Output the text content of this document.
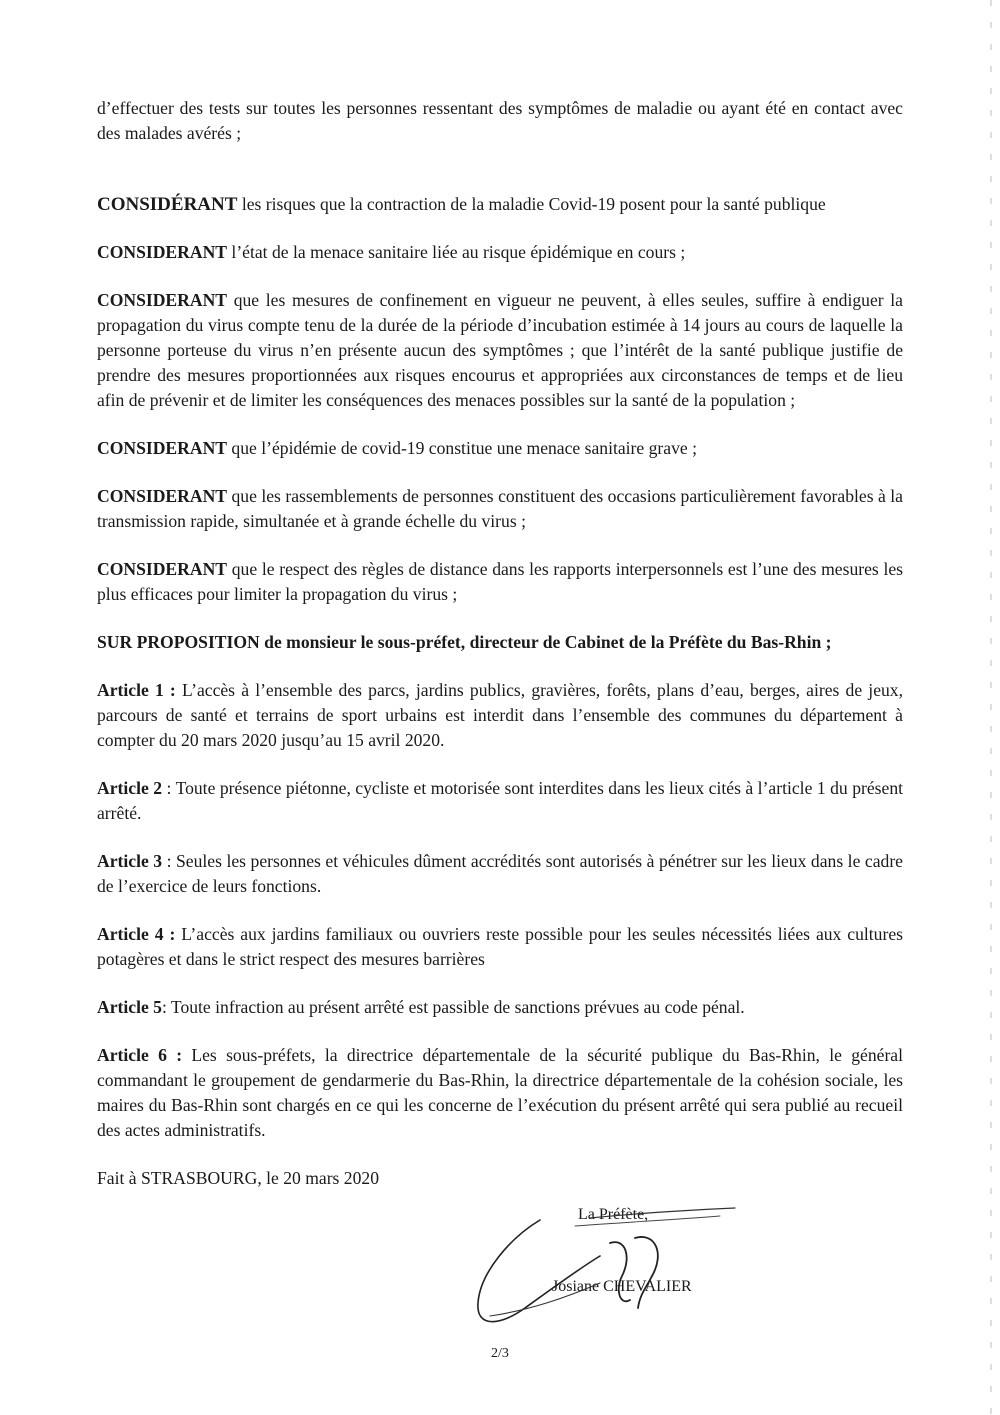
d’effectuer des tests sur toutes les personnes ressentant des symptômes de maladie ou ayant été en contact avec des malades avérés ;

CONSIDÉRANT les risques que la contraction de la maladie Covid-19 posent pour la santé publique

CONSIDERANT l’état de la menace sanitaire liée au risque épidémique en cours ;

CONSIDERANT que les mesures de confinement en vigueur ne peuvent, à elles seules, suffire à endiguer la propagation du virus compte tenu de la durée de la période d’incubation estimée à 14 jours au cours de laquelle la personne porteuse du virus n’en présente aucun des symptômes ; que l’intérêt de la santé publique justifie de prendre des mesures proportionnées aux risques encourus et appropriées aux circonstances de temps et de lieu afin de prévenir et de limiter les conséquences des menaces possibles sur la santé de la population ;

CONSIDERANT que l’épidémie de covid-19 constitue une menace sanitaire grave ;

CONSIDERANT que les rassemblements de personnes constituent des occasions particulièrement favorables à la transmission rapide, simultanée et à grande échelle du virus ;

CONSIDERANT que le respect des règles de distance dans les rapports interpersonnels est l’une des mesures les plus efficaces pour limiter la propagation du virus ;

SUR PROPOSITION de monsieur le sous-préfet, directeur de Cabinet de la Préfète du Bas-Rhin ;

Article 1 : L’accès à l’ensemble des parcs, jardins publics, gravières, forêts, plans d’eau, berges, aires de jeux, parcours de santé et terrains de sport urbains est interdit dans l’ensemble des communes du département à compter du 20 mars 2020 jusqu’au 15 avril 2020.

Article 2 : Toute présence piétonne, cycliste et motorisée sont interdites dans les lieux cités à l’article 1 du présent arrêté.

Article 3 : Seules les personnes et véhicules dûment accrédités sont autorisés à pénétrer sur les lieux dans le cadre de l’exercice de leurs fonctions.

Article 4 : L’accès aux jardins familiaux ou ouvriers reste possible pour les seules nécessités liées aux cultures potagères et dans le strict respect des mesures barrières

Article 5: Toute infraction au présent arrêté est passible de sanctions prévues au code pénal.

Article 6 : Les sous-préfets, la directrice départementale de la sécurité publique du Bas-Rhin, le général commandant le groupement de gendarmerie du Bas-Rhin, la directrice départementale de la cohésion sociale, les maires du Bas-Rhin sont chargés en ce qui les concerne de l’exécution du présent arrêté qui sera publié au recueil des actes administratifs.

Fait à STRASBOURG, le 20 mars 2020

La Préfète,
Josiane CHEVALIER
2/3
